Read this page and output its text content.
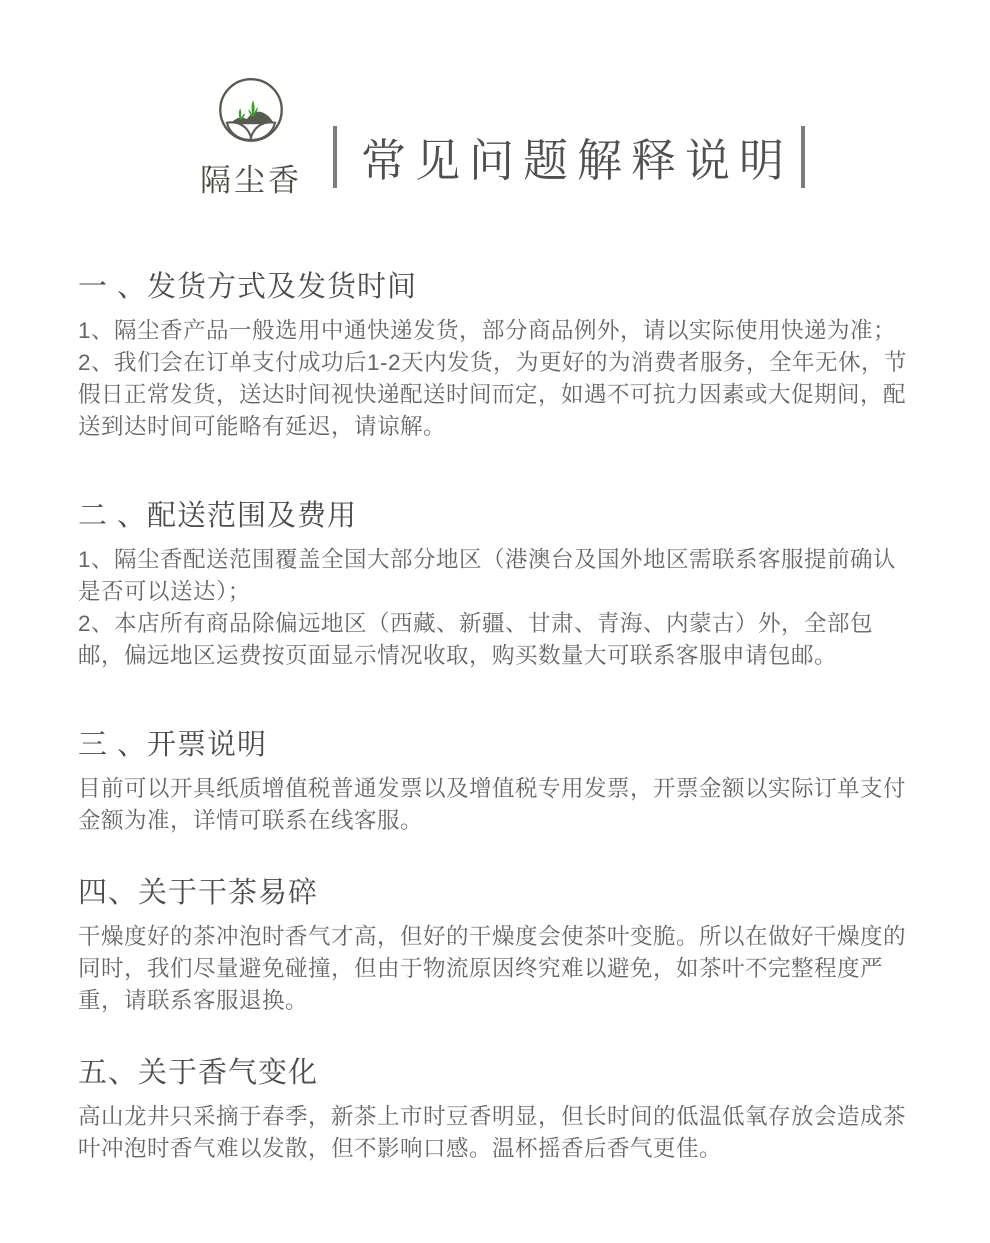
隔尘香 常见问题解释说明
一 、发货方式及发货时间

1、隔尘香产品一般选用中通快递发货，部分商品例外，请以实际使用快递为准；

2、我们会在订单支付成功后1-2天内发货，为更好的为消费者服务，全年无休，节假日正常发货，送达时间视快递配送时间而定，如遇不可抗力因素或大促期间，配送到达时间可能略有延迟，请谅解。

二 、配送范围及费用

1、隔尘香配送范围覆盖全国大部分地区（港澳台及国外地区需联系客服提前确认是否可以送达）；

2、本店所有商品除偏远地区（西藏、新疆、甘肃、青海、内蒙古）外，全部包邮，偏远地区运费按页面显示情况收取，购买数量大可联系客服申请包邮。

三 、开票说明

目前可以开具纸质增值税普通发票以及增值税专用发票，开票金额以实际订单支付金额为准，详情可联系在线客服。

四、关于干茶易碎

干燥度好的茶冲泡时香气才高，但好的干燥度会使茶叶变脆。所以在做好干燥度的同时，我们尽量避免碰撞，但由于物流原因终究难以避免，如茶叶不完整程度严重，请联系客服退换。

五、关于香气变化

高山龙井只采摘于春季，新茶上市时豆香明显，但长时间的低温低氧存放会造成茶叶冲泡时香气难以发散，但不影响口感。温杯摇香后香气更佳。
